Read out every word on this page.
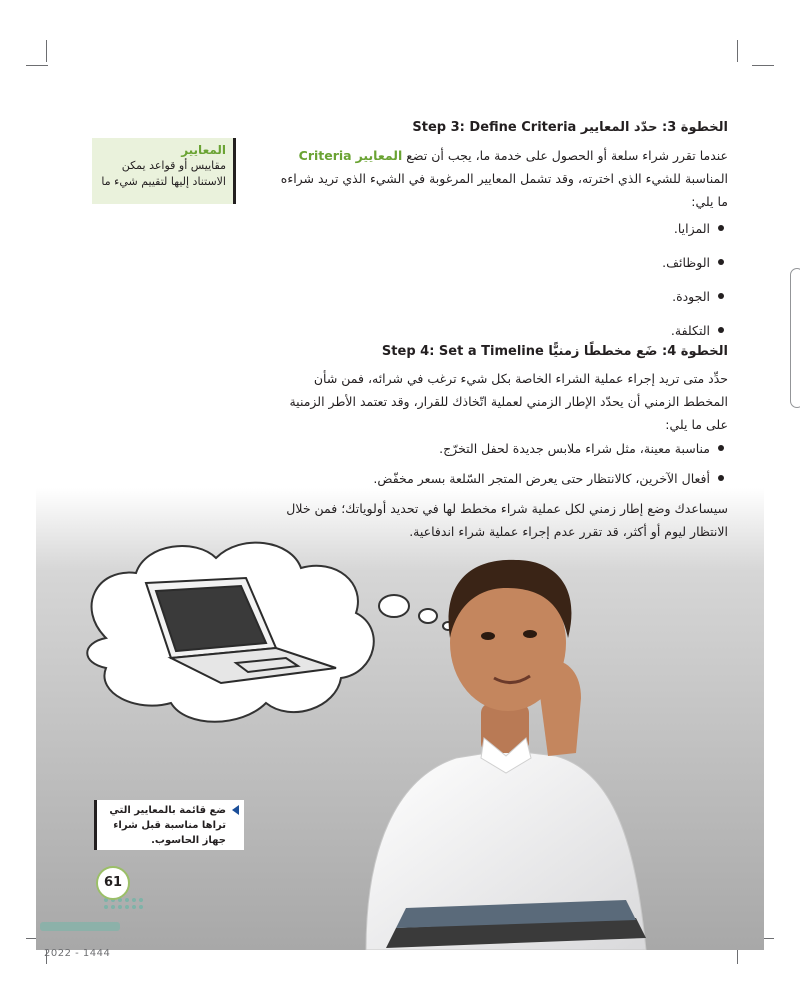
الخطوة 3: حدّد المعايير Step 3: Define Criteria
عندما تقرر شراء سلعة أو الحصول على خدمة ما، يجب أن تضع المعايير Criteria المناسبة للشيء الذي اخترته، وقد تشمل المعايير المرغوبة في الشيء الذي تريد شراءه ما يلي:
المزايا.
الوظائف.
الجودة.
التكلفة.
المعايير
مقاييس أو قواعد يمكن الاستناد إليها لتقييم شيء ما
الخطوة 4: ضَع مخططًا زمنيًّا Step 4: Set a Timeline
حدِّد متى تريد إجراء عملية الشراء الخاصة بكل شيء ترغب في شرائه، فمن شأن المخطط الزمني أن يحدّد الإطار الزمني لعملية اتّخاذك للقرار، وقد تعتمد الأطر الزمنية على ما يلي:
مناسبة معينة، مثل شراء ملابس جديدة لحفل التخرّج.
أفعال الآخرين، كالانتظار حتى يعرض المتجر السّلعة بسعر مخفّض.
سيساعدك وضع إطار زمني لكل عملية شراء مخطط لها في تحديد أولوياتك؛ فمن خلال الانتظار ليوم أو أكثر، قد تقرر عدم إجراء عملية شراء اندفاعية.
ضع قائمة بالمعايير التي تراها مناسبة قبل شراء جهاز الحاسوب.
61
2022 - 1444
